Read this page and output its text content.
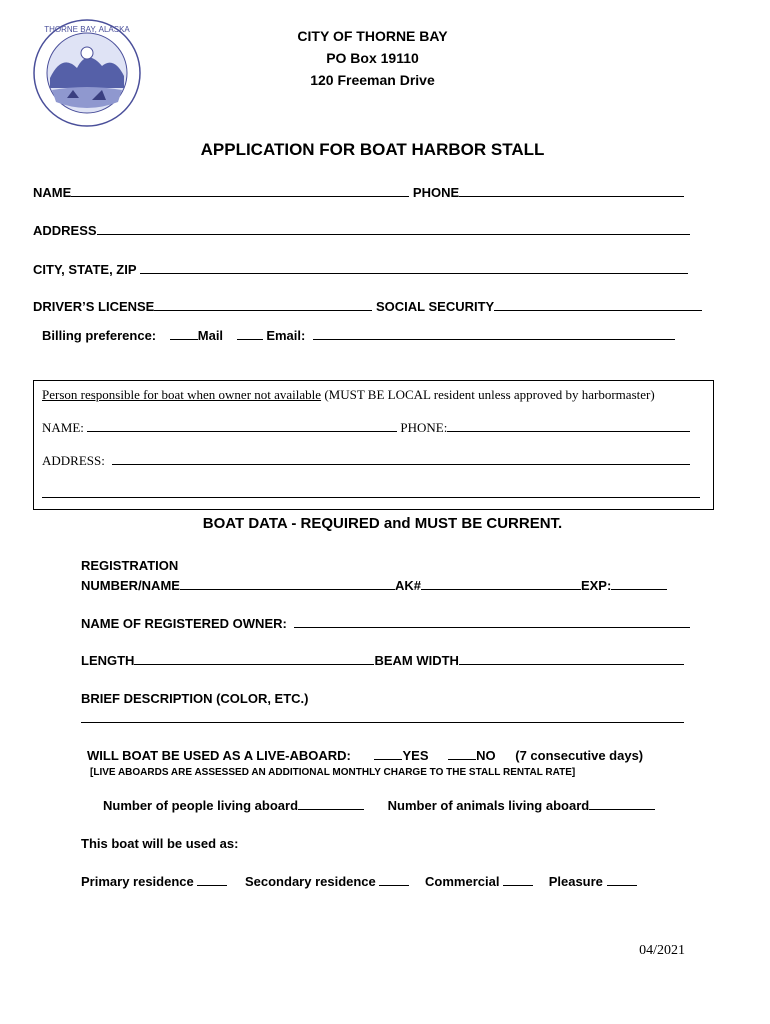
THORNE BAY, ALASKA	CITY OF THORNE BAY
PO Box 19110
120 Freeman Drive
APPLICATION FOR BOAT HARBOR STALL
NAME	PHONE
ADDRESS
CITY, STATE, ZIP
DRIVER’S LICENSE	SOCIAL SECURITY
Billing preference:	Mail	Email:
Person responsible for boat when owner not available (MUST BE LOCAL resident unless approved by harbormaster)
NAME:	PHONE:
ADDRESS:
BOAT DATA - REQUIRED and MUST BE CURRENT.
REGISTRATION
NUMBER/NAME	AK#	EXP:
NAME OF REGISTERED OWNER:
LENGTH	BEAM WIDTH
BRIEF DESCRIPTION (COLOR, ETC.)
WILL BOAT BE USED AS A LIVE-ABOARD:	YES	NO (7 consecutive days)
[LIVE ABOARDS ARE ASSESSED AN ADDITIONAL MONTHLY CHARGE TO THE STALL RENTAL RATE]
Number of people living aboard	Number of animals living aboard
This boat will be used as:
Primary residence	Secondary residence	Commercial	Pleasure
04/2021
